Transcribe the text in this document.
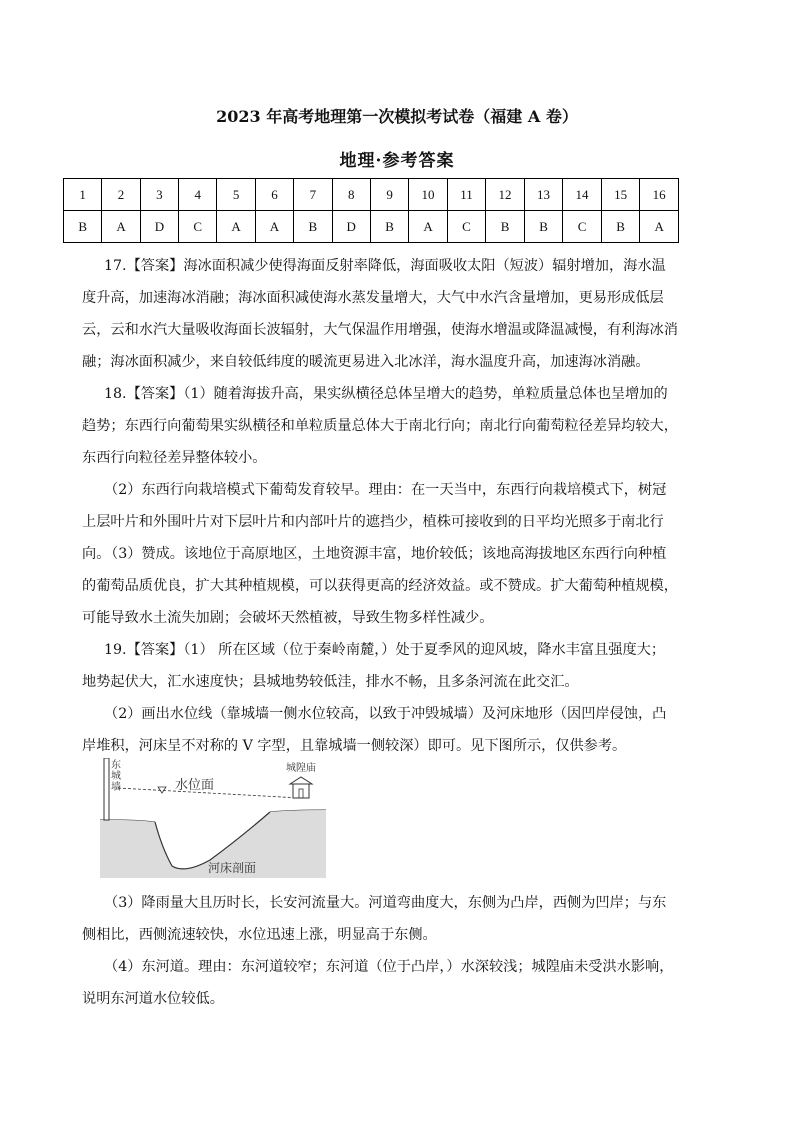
2023 年高考地理第一次模拟考试卷（福建 A 卷）
地理·参考答案
1	2	3	4	5	6	7	8	9	10	11	12	13	14	15	16
B	A	D	C	A	A	B	D	B	A	C	B	B	C	B	A
17.【答案】海冰面积减少使得海面反射率降低，海面吸收太阳（短波）辐射增加，海水温度升高，加速海冰消融；海冰面积减使海水蒸发量增大，大气中水汽含量增加，更易形成低层云，云和水汽大量吸收海面长波辐射，大气保温作用增强，使海水增温或降温减慢，有利海冰消融；海冰面积减少，来自较低纬度的暖流更易进入北冰洋，海水温度升高，加速海冰消融。
18.【答案】（1）随着海拔升高，果实纵横径总体呈增大的趋势，单粒质量总体也呈增加的趋势；东西行向葡萄果实纵横径和单粒质量总体大于南北行向；南北行向葡萄粒径差异均较大，东西行向粒径差异整体较小。
（2）东西行向栽培模式下葡萄发育较早。理由：在一天当中，东西行向栽培模式下，树冠上层叶片和外围叶片对下层叶片和内部叶片的遮挡少，植株可接收到的日平均光照多于南北行向。
（3）赞成。该地位于高原地区，土地资源丰富，地价较低；该地高海拔地区东西行向种植的葡萄品质优良，扩大其种植规模，可以获得更高的经济效益。或不赞成。扩大葡萄种植规模，可能导致水土流失加剧；会破坏天然植被，导致生物多样性减少。
19.【答案】（1） 所在区域（位于秦岭南麓，）处于夏季风的迎风坡，降水丰富且强度大；地势起伏大，汇水速度快；县城地势较低洼，排水不畅，且多条河流在此交汇。
（2）画出水位线（靠城墙一侧水位较高，以致于冲毁城墙）及河床地形（因凹岸侵蚀，凸岸堆积，河床呈不对称的 V 字型，且靠城墙一侧较深）即可。见下图所示，仅供参考。
东 城 墙
城隍庙
水位面
河床剖面
（3）降雨量大且历时长，长安河流量大。河道弯曲度大，东侧为凸岸，西侧为凹岸；与东侧相比，西侧流速较快，水位迅速上涨，明显高于东侧。
（4）东河道。理由：东河道较窄；东河道（位于凸岸，）水深较浅；城隍庙未受洪水影响，说明东河道水位较低。
